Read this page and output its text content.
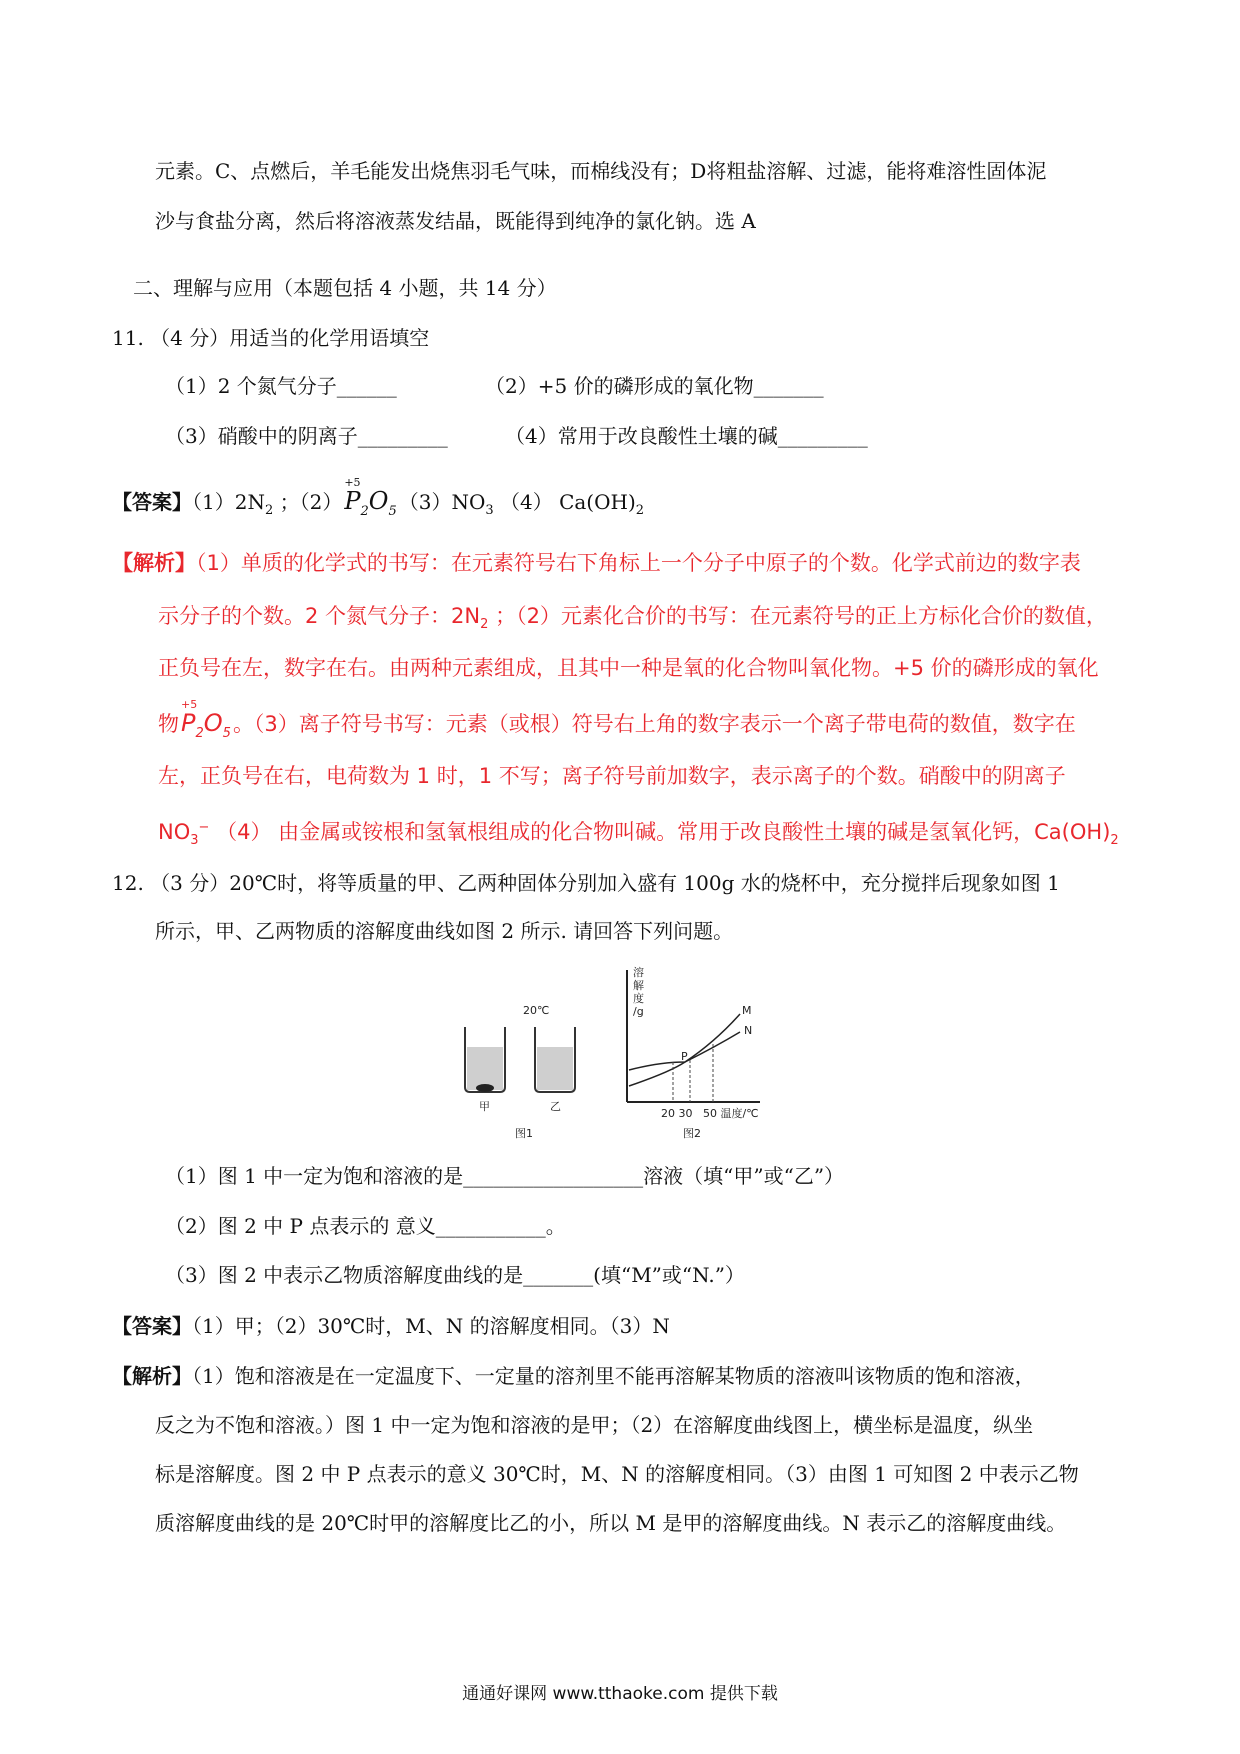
元素。C、点燃后，羊毛能发出烧焦羽毛气味，而棉线没有；D将粗盐溶解、过滤，能将难溶性固体泥
沙与食盐分离，然后将溶液蒸发结晶，既能得到纯净的氯化钠。选 A
二、理解与应用（本题包括 4 小题，共 14 分）
11. （4 分）用适当的化学用语填空
（1）2 个氮气分子______	（2）+5 价的磷形成的氧化物_______
（3）硝酸中的阴离子_________	（4）常用于改良酸性土壤的碱_________
【答案】$(1)2N_2$ ；（2）
+5
$P_2O_5$ $(3)NO_3$ （4） $Ca(OH)_2$
【解析】（1）单质的化学式的书写：在元素符号右下角标上一个分子中原子的个数。化学式前边的数字表
示分子的个数。2 个氮气分子：$2N_2$ ；（2）元素化合价的书写：在元素符号的正上方标化合价的数值，
正负号在左，数字在右。由两种元素组成，且其中一种是氧的化合物叫氧化物。+5 价的磷形成的氧化
物
+5
$P_2O_5$。（3）离子符号书写：元素（或根）符号右上角的数字表示一个离子带电荷的数值，数字在
左，正负号在右，电荷数为 1 时，1 不写；离子符号前加数字，表示离子的个数。硝酸中的阴离子
$NO_3^-$ （4） 由金属或铵根和氢氧根组成的化合物叫碱。常用于改良酸性土壤的碱是氢氧化钙，$Ca(OH)_2$
12. （3 分）20℃时，将等质量的甲、乙两种固体分别加入盛有 100g 水的烧杯中，充分搅拌后现象如图 1
所示，甲、乙两物质的溶解度曲线如图 2 所示. 请回答下列问题。
20℃
甲	乙
图1
溶
解
度
/g	M
N
P
20 30 50 温度/℃
图2
（1）图 1 中一定为饱和溶液的是__________________溶液（填“甲”或“乙”）
（2）图 2 中 P 点表示的 意义___________。
（3）图 2 中表示乙物质溶解度曲线的是_______(填“M”或“N.”）
【答案】（1）甲；（2）30℃时，M、N 的溶解度相同。（3）N
【解析】（1）饱和溶液是在一定温度下、一定量的溶剂里不能再溶解某物质的溶液叫该物质的饱和溶液，
反之为不饱和溶液。）图 1 中一定为饱和溶液的是甲；（2）在溶解度曲线图上，横坐标是温度，纵坐
标是溶解度。图 2 中 P 点表示的意义 30℃时，M、N 的溶解度相同。（3）由图 1 可知图 2 中表示乙物
质溶解度曲线的是 20℃时甲的溶解度比乙的小，所以 M 是甲的溶解度曲线。N 表示乙的溶解度曲线。
通通好课网 www.tthaoke.com 提供下载
